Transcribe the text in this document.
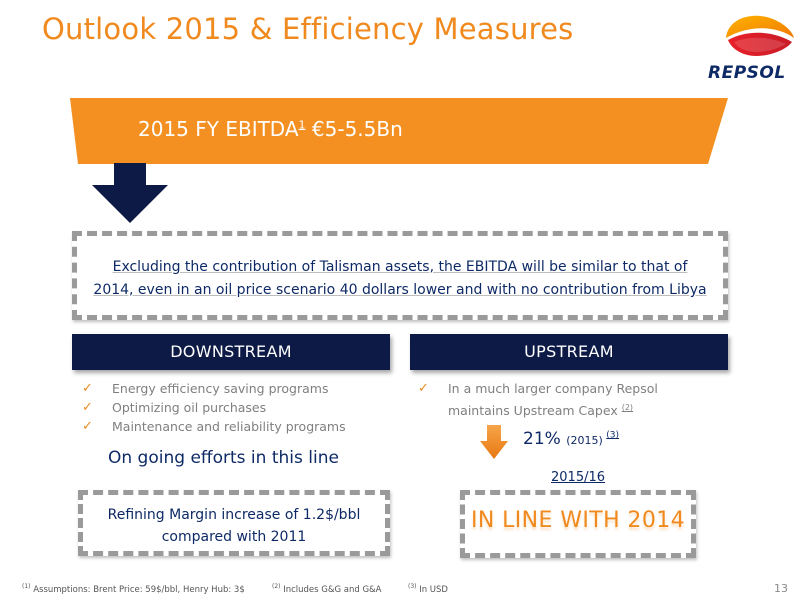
Outlook 2015 & Efficiency Measures
REPSOL
2015 FY EBITDA$^1$ €5-5.5Bn
Excluding the contribution of Talisman assets, the EBITDA will be similar to that of
2014, even in an oil price scenario 40 dollars lower and with no contribution from Libya
DOWNSTREAM	UPSTREAM
✓ Energy efficiency saving programs
✓ Optimizing oil purchases
✓ Maintenance and reliability programs
On going efforts in this line
Refining Margin increase of 1.2$/bbl
compared with 2011
✓ In a much larger company Repsol
maintains Upstream Capex $^{(2)}$
21% (2015) $^{(3)}$
2015/16
IN LINE WITH 2014
$^{(1)}$ Assumptions: Brent Price: 59$/bbl, Henry Hub: 3$	$^{(2)}$ Includes G&G and G&A	$^{(3)}$ In USD	13
